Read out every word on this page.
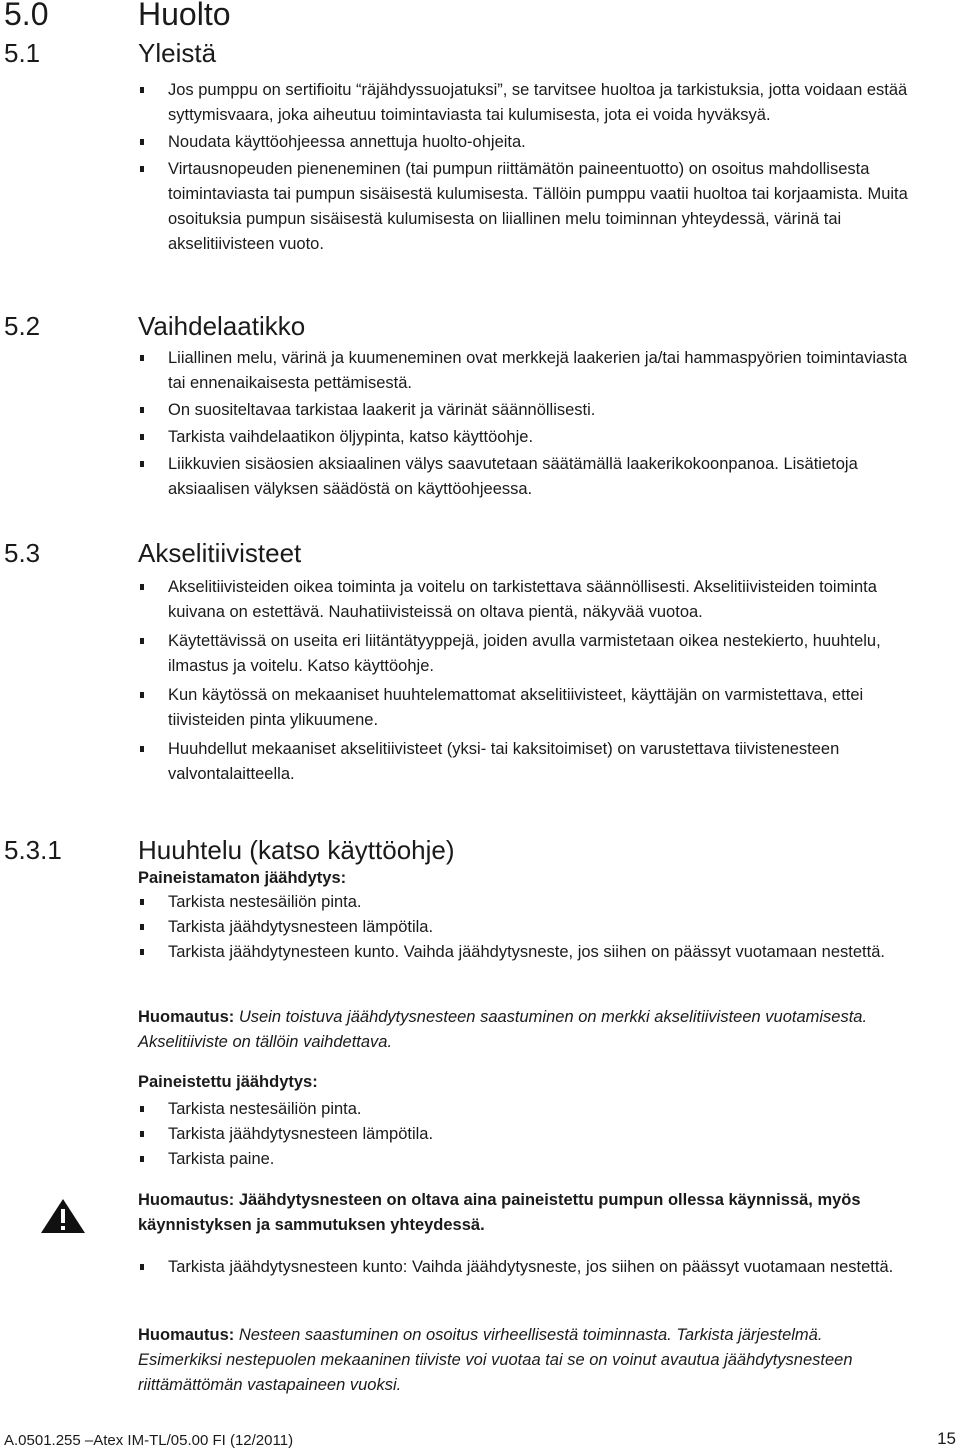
5.0	Huolto
5.1	Yleistä
Jos pumppu on sertifioitu “räjähdyssuojatuksi”, se tarvitsee huoltoa ja tarkistuksia, jotta voidaan estää syttymisvaara, joka aiheutuu toimintaviasta tai kulumisesta, jota ei voida hyväksyä.
Noudata käyttöohjeessa annettuja huolto-ohjeita.
Virtausnopeuden pieneneminen (tai pumpun riittämätön paineentuotto) on osoitus mahdollisesta toimintaviasta tai pumpun sisäisestä kulumisesta. Tällöin pumppu vaatii huoltoa tai korjaamista. Muita osoituksia pumpun sisäisestä kulumisesta on liiallinen melu toiminnan yhteydessä, värinä tai akselitiivisteen vuoto.
5.2	Vaihdelaatikko
Liiallinen melu, värinä ja kuumeneminen ovat merkkejä laakerien ja/tai hammaspyörien toimintaviasta tai ennenaikaisesta pettämisestä.
On suositeltavaa tarkistaa laakerit ja värinät säännöllisesti.
Tarkista vaihdelaatikon öljypinta, katso käyttöohje.
Liikkuvien sisäosien aksiaalinen välys saavutetaan säätämällä laakerikokoonpanoa. Lisätietoja aksiaalisen välyksen säädöstä on käyttöohjeessa.
5.3	Akselitiivisteet
Akselitiivisteiden oikea toiminta ja voitelu on tarkistettava säännöllisesti. Akselitiivisteiden toiminta kuivana on estettävä. Nauhatiivisteissä on oltava pientä, näkyvää vuotoa.
Käytettävissä on useita eri liitäntätyyppejä, joiden avulla varmistetaan oikea nestekierto, huuhtelu, ilmastus ja voitelu. Katso käyttöohje.
Kun käytössä on mekaaniset huuhtelemattomat akselitiivisteet, käyttäjän on varmistettava, ettei tiivisteiden pinta ylikuumene.
Huuhdellut mekaaniset akselitiivisteet (yksi- tai kaksitoimiset) on varustettava tiivistenesteen valvontalaitteella.
5.3.1	Huuhtelu (katso käyttöohje)
Paineistamaton jäähdytys:
Tarkista nestesäiliön pinta.
Tarkista jäähdytysnesteen lämpötila.
Tarkista jäähdytynesteen kunto. Vaihda jäähdytysneste, jos siihen on päässyt vuotamaan nestettä.
Huomautus: Usein toistuva jäähdytysnesteen saastuminen on merkki akselitiivisteen vuotamisesta. Akselitiiviste on tällöin vaihdettava.
Paineistettu jäähdytys:
Tarkista nestesäiliön pinta.
Tarkista jäähdytysnesteen lämpötila.
Tarkista paine.
Huomautus: Jäähdytysnesteen on oltava aina paineistettu pumpun ollessa käynnissä, myös käynnistyksen ja sammutuksen yhteydessä.
Tarkista jäähdytysnesteen kunto: Vaihda jäähdytysneste, jos siihen on päässyt vuotamaan nestettä.
Huomautus: Nesteen saastuminen on osoitus virheellisestä toiminnasta. Tarkista järjestelmä. Esimerkiksi nestepuolen mekaaninen tiiviste voi vuotaa tai se on voinut avautua jäähdytysnesteen riittämättömän vastapaineen vuoksi.
A.0501.255 –Atex IM-TL/05.00 FI (12/2011)	15
